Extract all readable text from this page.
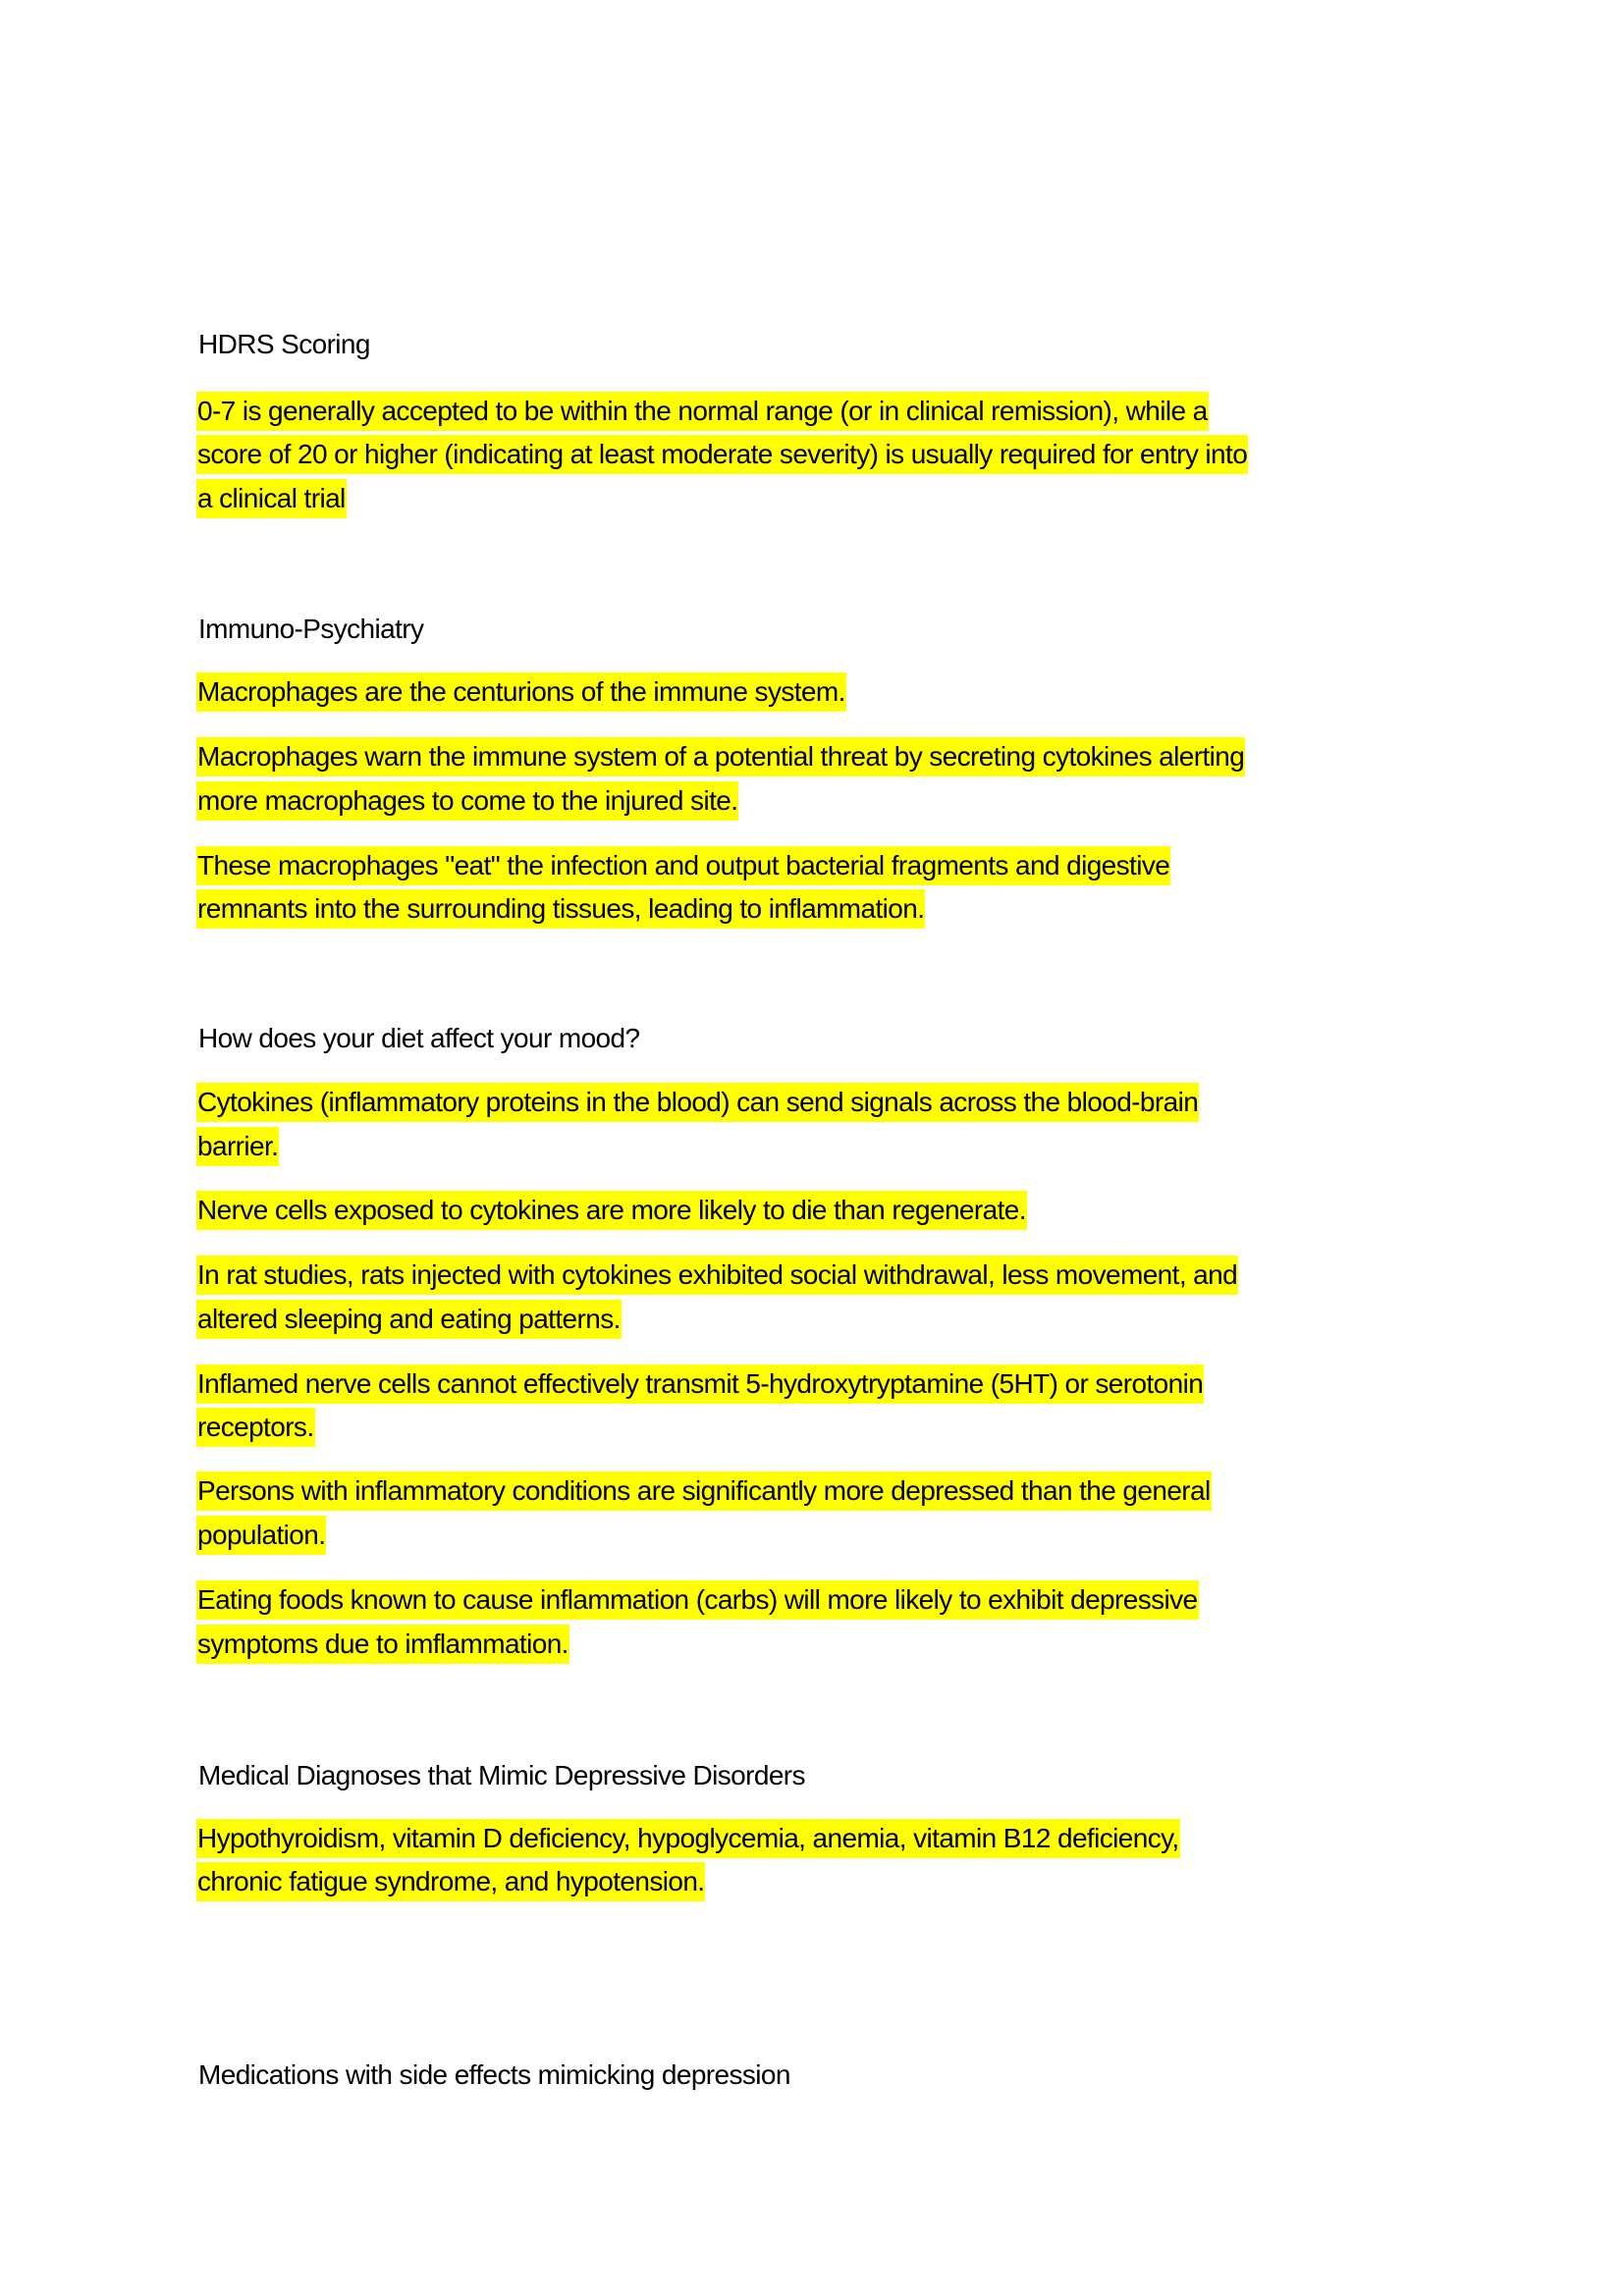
HDRS Scoring
0-7 is generally accepted to be within the normal range (or in clinical remission), while a
score of 20 or higher (indicating at least moderate severity) is usually required for entry into
a clinical trial
Immuno-Psychiatry
Macrophages are the centurions of the immune system.
Macrophages warn the immune system of a potential threat by secreting cytokines alerting
more macrophages to come to the injured site.
These macrophages "eat" the infection and output bacterial fragments and digestive
remnants into the surrounding tissues, leading to inflammation.
How does your diet affect your mood?
Cytokines (inflammatory proteins in the blood) can send signals across the blood-brain
barrier.
Nerve cells exposed to cytokines are more likely to die than regenerate.
In rat studies, rats injected with cytokines exhibited social withdrawal, less movement, and
altered sleeping and eating patterns.
Inflamed nerve cells cannot effectively transmit 5-hydroxytryptamine (5HT) or serotonin
receptors.
Persons with inflammatory conditions are significantly more depressed than the general
population.
Eating foods known to cause inflammation (carbs) will more likely to exhibit depressive
symptoms due to imflammation.
Medical Diagnoses that Mimic Depressive Disorders
Hypothyroidism, vitamin D deficiency, hypoglycemia, anemia, vitamin B12 deficiency,
chronic fatigue syndrome, and hypotension.
Medications with side effects mimicking depression
